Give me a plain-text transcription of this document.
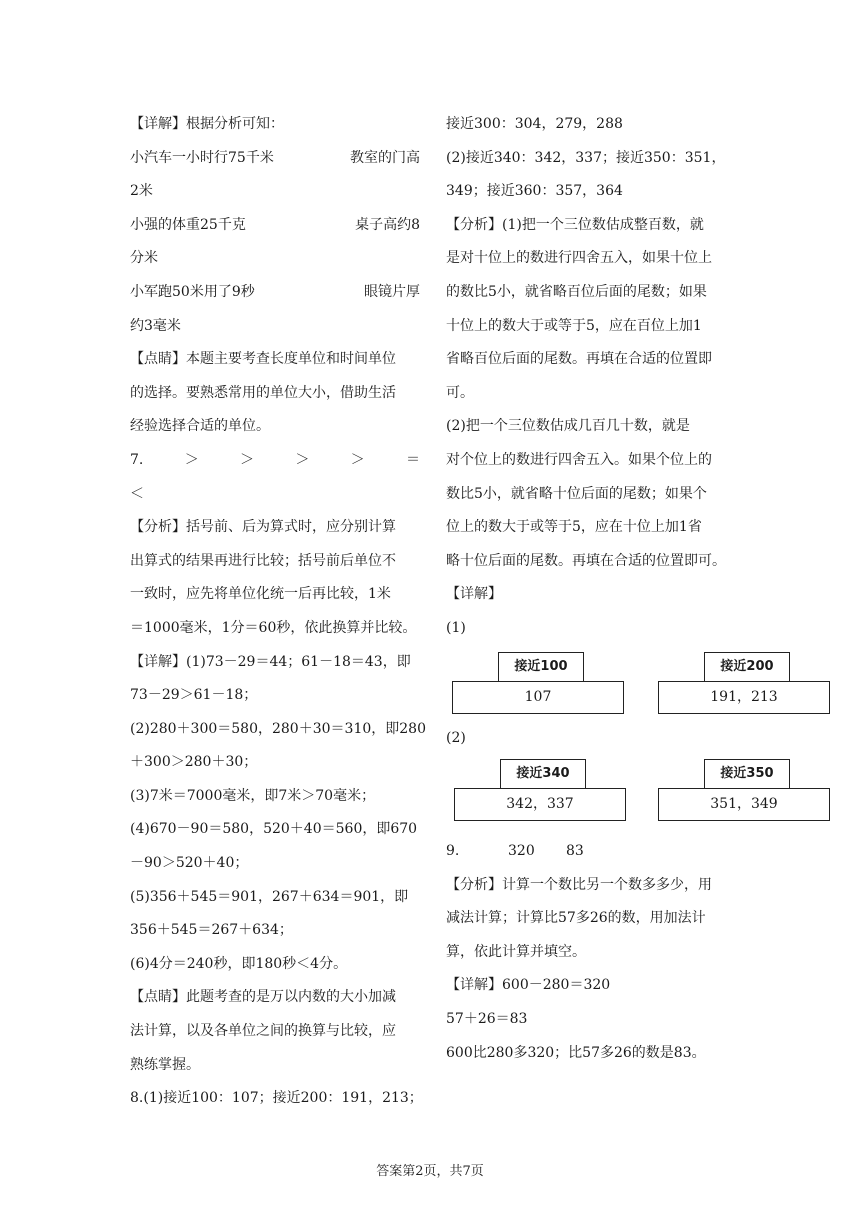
【详解】根据分析可知：
小汽车一小时行75千米	教室的门高
2米
小强的体重25千克	桌子高约8
分米
小军跑50米用了9秒	眼镜片厚
约3毫米
【点睛】本题主要考查长度单位和时间单位
的选择。要熟悉常用的单位大小，借助生活
经验选择合适的单位。
7.	＞	＞	＞	＞	＝
＜
【分析】括号前、后为算式时，应分别计算
出算式的结果再进行比较；括号前后单位不
一致时，应先将单位化统一后再比较，1米
＝1000毫米，1分＝60秒，依此换算并比较。
【详解】(1)73－29＝44；61－18＝43，即
73－29＞61－18；
(2)280＋300＝580，280＋30＝310，即280
＋300＞280＋30；
(3)7米＝7000毫米，即7米＞70毫米；
(4)670－90＝580，520＋40＝560，即670
－90＞520＋40；
(5)356＋545＝901，267＋634＝901，即
356＋545＝267＋634；
(6)4分＝240秒，即180秒＜4分。
【点睛】此题考查的是万以内数的大小加减
法计算，以及各单位之间的换算与比较，应
熟练掌握。
8.(1)接近100：107；接近200：191，213；
接近300：304，279，288
(2)接近340：342，337；接近350：351，
349；接近360：357，364
【分析】(1)把一个三位数估成整百数，就
是对十位上的数进行四舍五入，如果十位上
的数比5小，就省略百位后面的尾数；如果
十位上的数大于或等于5，应在百位上加1
省略百位后面的尾数。再填在合适的位置即
可。
(2)把一个三位数估成几百几十数，就是
对个位上的数进行四舍五入。如果个位上的
数比5小，就省略十位后面的尾数；如果个
位上的数大于或等于5，应在十位上加1省
略十位后面的尾数。再填在合适的位置即可。
【详解】
(1)
接近100
107
接近200
191，213
(2)
接近340
342，337
接近350
351，349
9.	320 83
【分析】计算一个数比另一个数多多少，用
减法计算；计算比57多26的数，用加法计
算，依此计算并填空。
【详解】600－280＝320
57＋26＝83
600比280多320；比57多26的数是83。
答案第2页，共7页
